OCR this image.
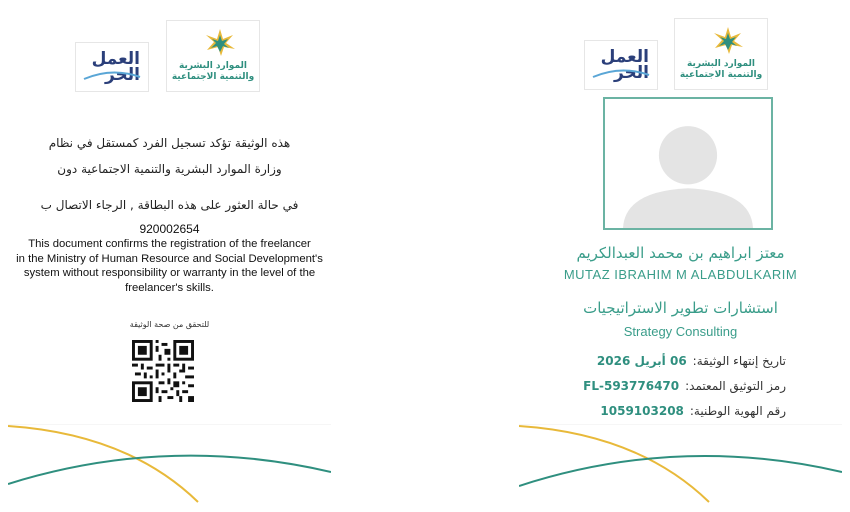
العمل
الحر	الموارد البشرية
والتنمية الاجتماعية
هذه الوثيقة تؤكد تسجيل الفرد كمستقل في نظام
وزارة الموارد البشرية والتنمية الاجتماعية دون
في حالة العثور على هذه البطاقة , الرجاء الاتصال ب
920002654
This document confirms the registration of the freelancer
in the Ministry of Human Resource and Social Development's
system without responsibility or warranty in the level of the
freelancer's skills.
للتحقق من صحة الوثيقة
العمل
الحر	الموارد البشرية
والتنمية الاجتماعية
معتز ابراهيم بن محمد العبدالكريم
MUTAZ IBRAHIM M ALABDULKARIM
استشارات تطوير الاستراتيجيات
Strategy Consulting
تاريخ إنتهاء الوثيقة:
06 أبريل 2026
رمز التوثيق المعتمد:
FL-593776470
رقم الهوية الوطنية:
1059103208
